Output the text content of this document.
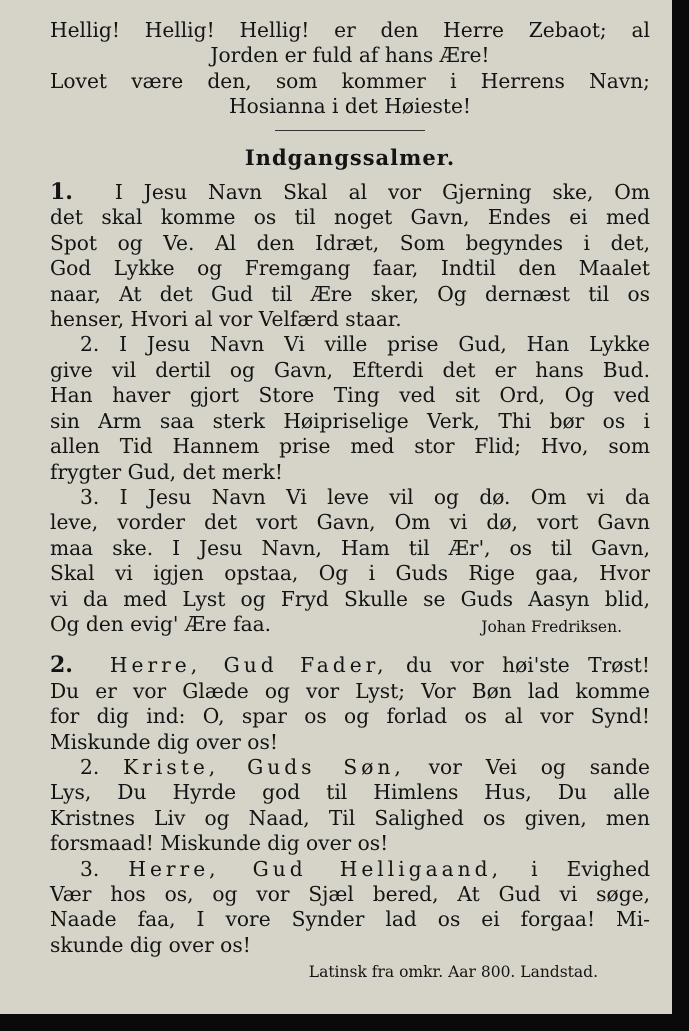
Hellig! Hellig! Hellig! er den Herre Zebaot; al
Jorden er fuld af hans Ære!
Lovet være den, som kommer i Herrens Navn;
Hosianna i det Høieste!
Indgangssalmer.
1. I Jesu Navn Skal al vor Gjerning ske, Om
det skal komme os til noget Gavn, Endes ei med
Spot og Ve. Al den Idræt, Som begyndes i det,
God Lykke og Fremgang faar, Indtil den Maalet
naar, At det Gud til Ære sker, Og dernæst til os
henser, Hvori al vor Velfærd staar.
2. I Jesu Navn Vi ville prise Gud, Han Lykke
give vil dertil og Gavn, Efterdi det er hans Bud.
Han haver gjort Store Ting ved sit Ord, Og ved
sin Arm saa sterk Høipriselige Verk, Thi bør os i
allen Tid Hannem prise med stor Flid; Hvo, som
frygter Gud, det merk!
3. I Jesu Navn Vi leve vil og dø. Om vi da
leve, vorder det vort Gavn, Om vi dø, vort Gavn
maa ske. I Jesu Navn, Ham til Ær', os til Gavn,
Skal vi igjen opstaa, Og i Guds Rige gaa, Hvor
vi da med Lyst og Fryd Skulle se Guds Aasyn blid,
Og den evig' Ære faa.	Johan Fredriksen.
2. Herre, Gud Fader, du vor høi'ste Trøst!
Du er vor Glæde og vor Lyst; Vor Bøn lad komme
for dig ind: O, spar os og forlad os al vor Synd!
Miskunde dig over os!
2. Kriste, Guds Søn, vor Vei og sande
Lys, Du Hyrde god til Himlens Hus, Du alle
Kristnes Liv og Naad, Til Salighed os given, men
forsmaad! Miskunde dig over os!
3. Herre, Gud Helligaand, i Evighed
Vær hos os, og vor Sjæl bered, At Gud vi søge,
Naade faa, I vore Synder lad os ei forgaa! Mi-
skunde dig over os!
Latinsk fra omkr. Aar 800. Landstad.
